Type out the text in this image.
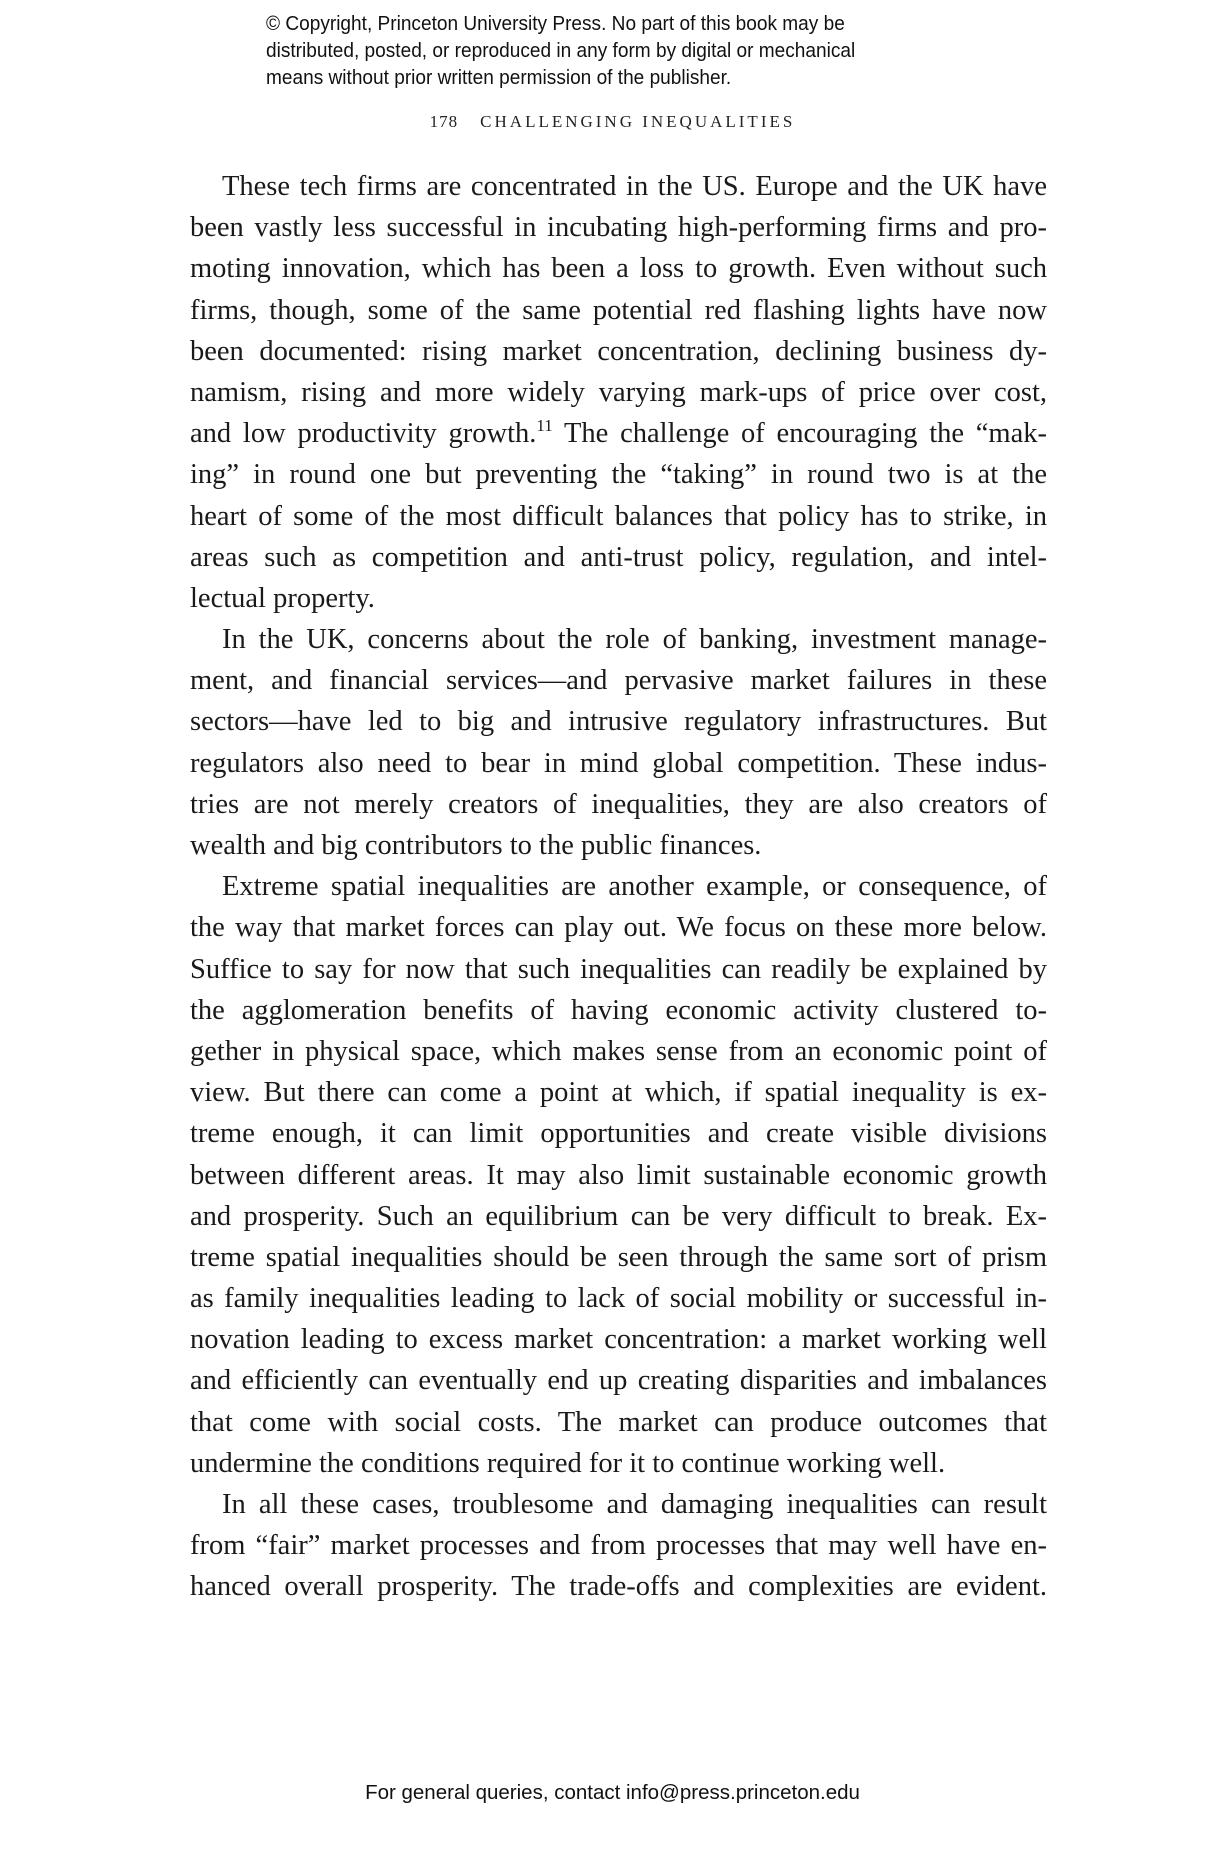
© Copyright, Princeton University Press. No part of this book may be
distributed, posted, or reproduced in any form by digital or mechanical
means without prior written permission of the publisher.
178 CHALLENGING INEQUALITIES
These tech firms are concentrated in the US. Europe and the UK have
been vastly less successful in incubating high-performing firms and pro-
moting innovation, which has been a loss to growth. Even without such
firms, though, some of the same potential red flashing lights have now
been documented: rising market concentration, declining business dy-
namism, rising and more widely varying mark-ups of price over cost,
and low productivity growth.$^{11}$ The challenge of encouraging the “mak-
ing” in round one but preventing the “taking” in round two is at the
heart of some of the most difficult balances that policy has to strike, in
areas such as competition and anti-trust policy, regulation, and intel-
lectual property.
In the UK, concerns about the role of banking, investment manage-
ment, and financial services—and pervasive market failures in these
sectors—have led to big and intrusive regulatory infrastructures. But
regulators also need to bear in mind global competition. These indus-
tries are not merely creators of inequalities, they are also creators of
wealth and big contributors to the public finances.
Extreme spatial inequalities are another example, or consequence, of
the way that market forces can play out. We focus on these more below.
Suffice to say for now that such inequalities can readily be explained by
the agglomeration benefits of having economic activity clustered to-
gether in physical space, which makes sense from an economic point of
view. But there can come a point at which, if spatial inequality is ex-
treme enough, it can limit opportunities and create visible divisions
between different areas. It may also limit sustainable economic growth
and prosperity. Such an equilibrium can be very difficult to break. Ex-
treme spatial inequalities should be seen through the same sort of prism
as family inequalities leading to lack of social mobility or successful in-
novation leading to excess market concentration: a market working well
and efficiently can eventually end up creating disparities and imbalances
that come with social costs. The market can produce outcomes that
undermine the conditions required for it to continue working well.
In all these cases, troublesome and damaging inequalities can result
from “fair” market processes and from processes that may well have en-
hanced overall prosperity. The trade-offs and complexities are evident.
For general queries, contact info@press.princeton.edu
